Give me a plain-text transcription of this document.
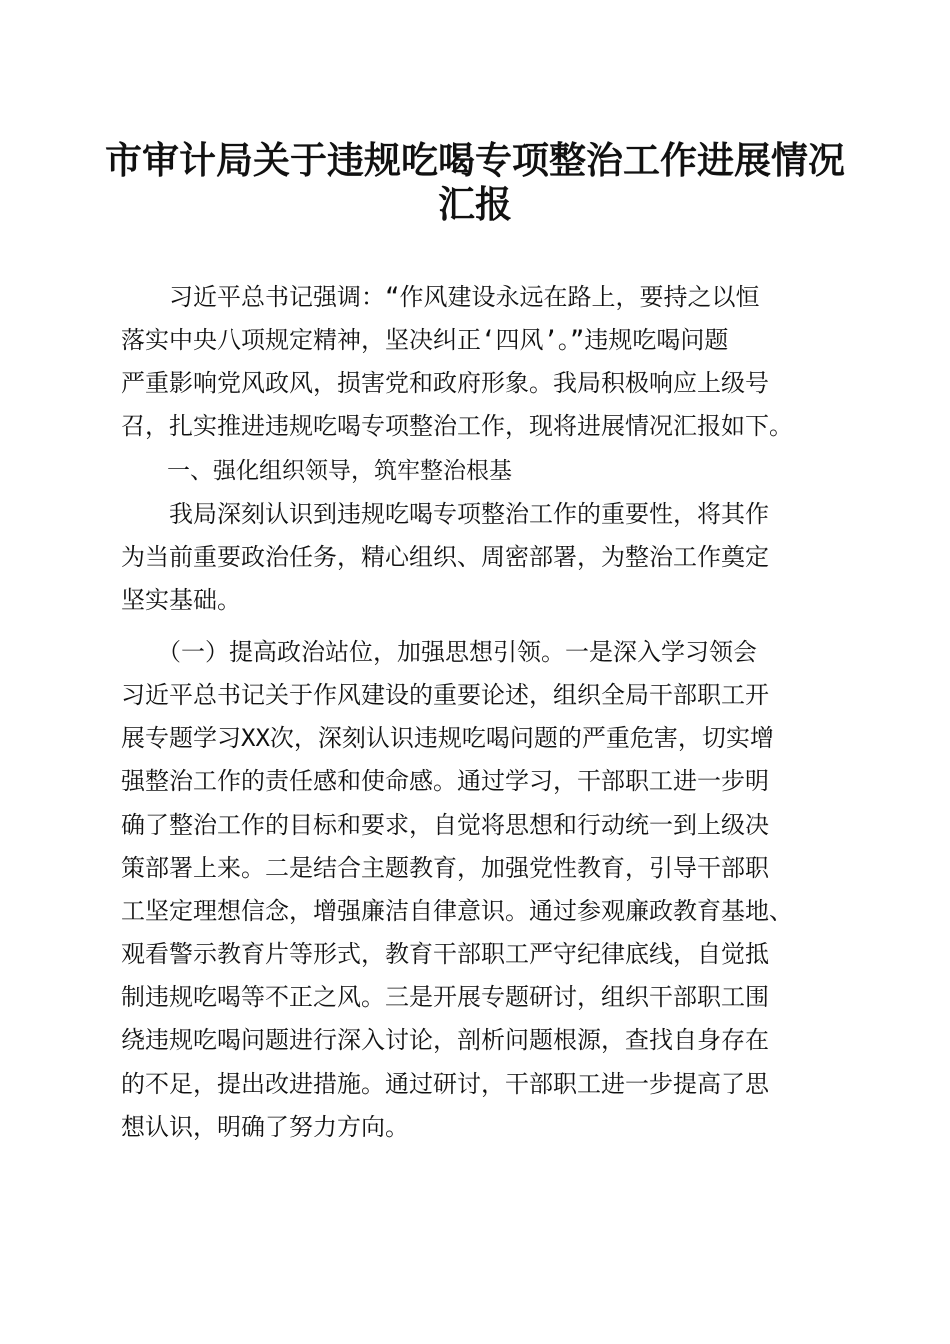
市审计局关于违规吃喝专项整治工作进展情况
汇报

　　习近平总书记强调：“作风建设永远在路上，要持之以恒

落实中央八项规定精神，坚决纠正‘四风’。”违规吃喝问题

严重影响党风政风，损害党和政府形象。我局积极响应上级号

召，扎实推进违规吃喝专项整治工作，现将进展情况汇报如下。

　　一、强化组织领导，筑牢整治根基

　　我局深刻认识到违规吃喝专项整治工作的重要性，将其作

为当前重要政治任务，精心组织、周密部署，为整治工作奠定

坚实基础。

　　（一）提高政治站位，加强思想引领。一是深入学习领会

习近平总书记关于作风建设的重要论述，组织全局干部职工开

展专题学习XX次，深刻认识违规吃喝问题的严重危害，切实增

强整治工作的责任感和使命感。通过学习，干部职工进一步明

确了整治工作的目标和要求，自觉将思想和行动统一到上级决

策部署上来。二是结合主题教育，加强党性教育，引导干部职

工坚定理想信念，增强廉洁自律意识。通过参观廉政教育基地、

观看警示教育片等形式，教育干部职工严守纪律底线，自觉抵

制违规吃喝等不正之风。三是开展专题研讨，组织干部职工围

绕违规吃喝问题进行深入讨论，剖析问题根源，查找自身存在

的不足，提出改进措施。通过研讨，干部职工进一步提高了思

想认识，明确了努力方向。
